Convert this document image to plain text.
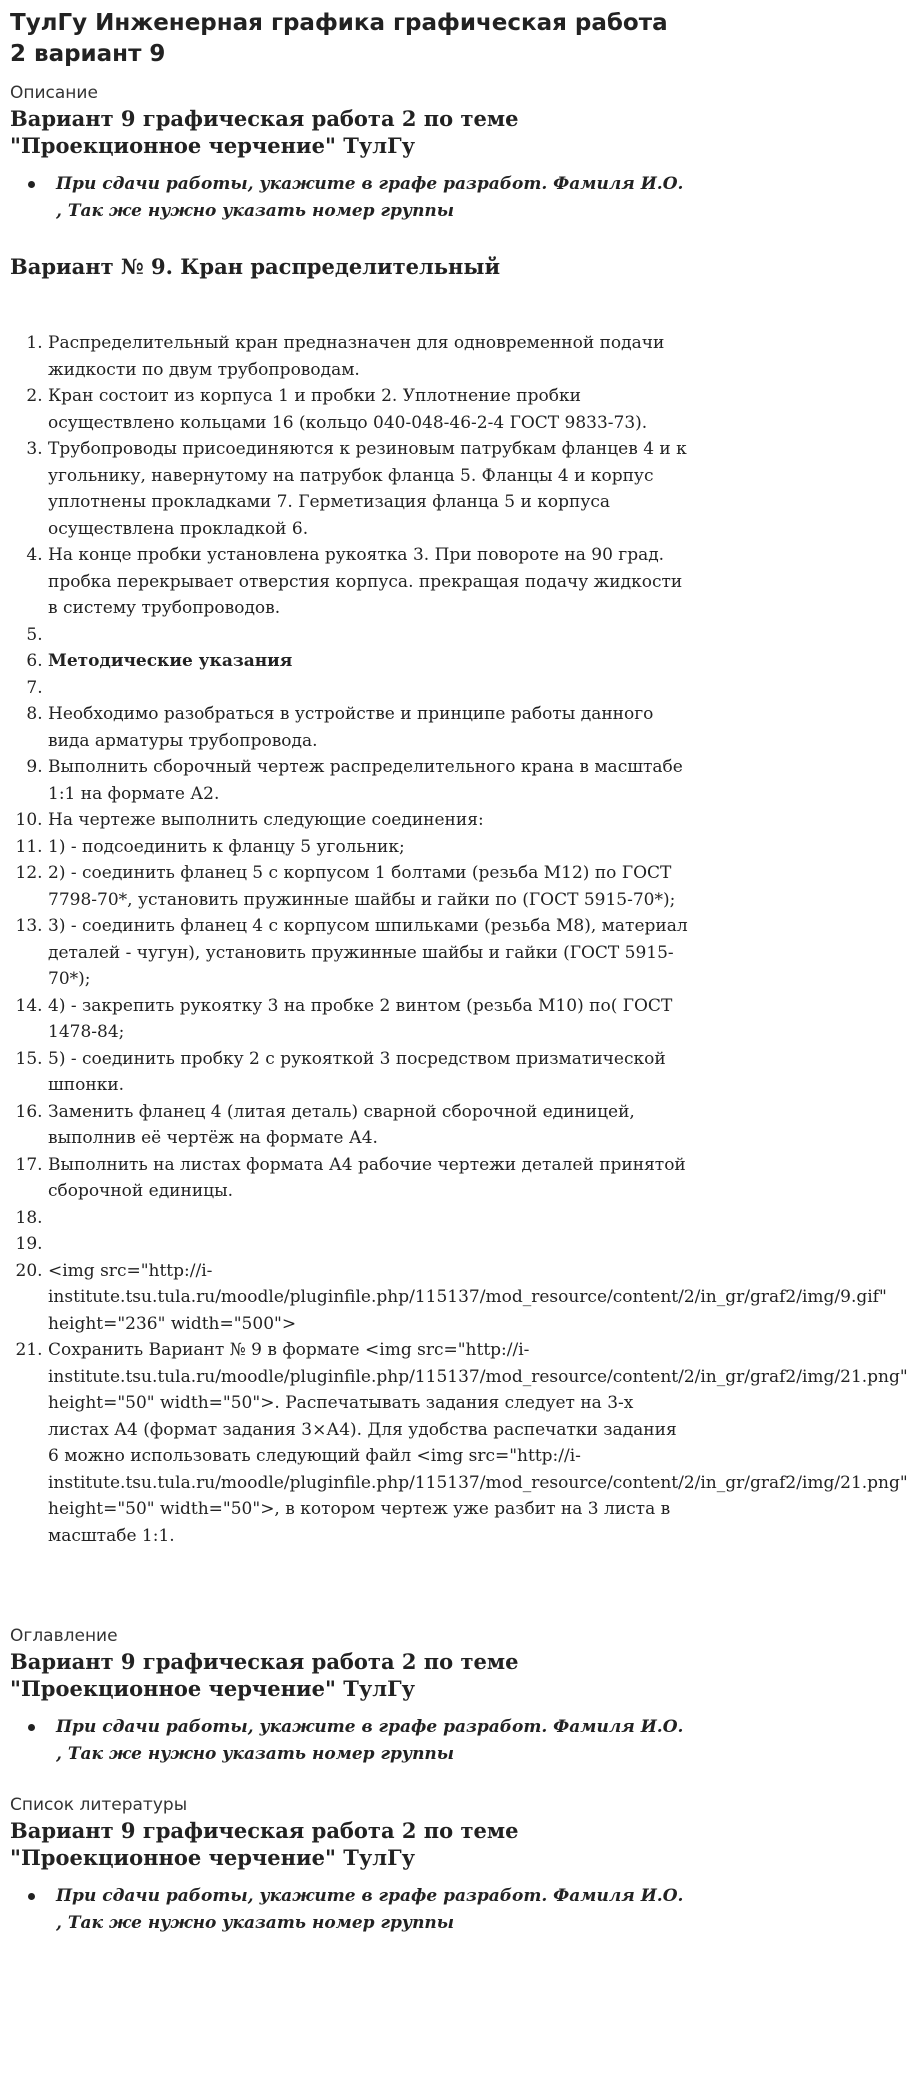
ТулГу Инженерная графика графическая работа 2 вариант 9
Описание
Вариант 9 графическая работа 2 по теме "Проекционное черчение" ТулГу
При сдачи работы, укажите в графе разработ. Фамиля И.О. , Так же нужно указать номер группы
Вариант № 9. Кран распределительный
1. Распределительный кран предназначен для одновременной подачи жидкости по двум трубопроводам.
2. Кран состоит из корпуса 1 и пробки 2. Уплотнение пробки осуществлено кольцами 16 (кольцо 040-048-46-2-4 ГОСТ 9833-73).
3. Трубопроводы присоединяются к резиновым патрубкам фланцев 4 и к угольнику, навернутому на патрубок фланца 5. Фланцы 4 и корпус уплотнены прокладками 7. Герметизация фланца 5 и корпуса осуществлена прокладкой 6.
4. На конце пробки установлена рукоятка 3. При повороте на 90 град. пробка перекрывает отверстия корпуса. прекращая подачу жидкости в систему трубопроводов.
5.
6. Методические указания
7.
8. Необходимо разобраться в устройстве и принципе работы данного вида арматуры трубопровода.
9. Выполнить сборочный чертеж распределительного крана в масштабе 1:1 на формате А2.
10. На чертеже выполнить следующие соединения:
11. 1) - подсоединить к фланцу 5 угольник;
12. 2) - соединить фланец 5 с корпусом 1 болтами (резьба М12) по ГОСТ 7798-70*, установить пружинные шайбы и гайки по (ГОСТ 5915-70*);
13. 3) - соединить фланец 4 с корпусом шпильками (резьба М8), материал деталей - чугун), установить пружинные шайбы и гайки (ГОСТ 5915-70*);
14. 4) - закрепить рукоятку 3 на пробке 2 винтом (резьба М10) по( ГОСТ 1478-84;
15. 5) - соединить пробку 2 с рукояткой 3 посредством призматической шпонки.
16. Заменить фланец 4 (литая деталь) сварной сборочной единицей, выполнив её чертёж на формате А4.
17. Выполнить на листах формата А4 рабочие чертежи деталей принятой сборочной единицы.
18.
19.
20. <img src="http://i-institute.tsu.tula.ru/moodle/pluginfile.php/115137/mod_resource/content/2/in_gr/graf2/img/9.gif" height="236" width="500">
21. Сохранить Вариант № 9 в формате <img src="http://i-institute.tsu.tula.ru/moodle/pluginfile.php/115137/mod_resource/content/2/in_gr/graf2/img/21.png" height="50" width="50">. Распечатывать задания следует на 3-х листах А4 (формат задания 3×А4). Для удобства распечатки задания 6 можно использовать следующий файл <img src="http://i-institute.tsu.tula.ru/moodle/pluginfile.php/115137/mod_resource/content/2/in_gr/graf2/img/21.png" height="50" width="50">, в котором чертеж уже разбит на 3 листа в масштабе 1:1.
Оглавление
Вариант 9 графическая работа 2 по теме "Проекционное черчение" ТулГу
При сдачи работы, укажите в графе разработ. Фамиля И.О. , Так же нужно указать номер группы
Список литературы
Вариант 9 графическая работа 2 по теме "Проекционное черчение" ТулГу
При сдачи работы, укажите в графе разработ. Фамиля И.О. , Так же нужно указать номер группы
